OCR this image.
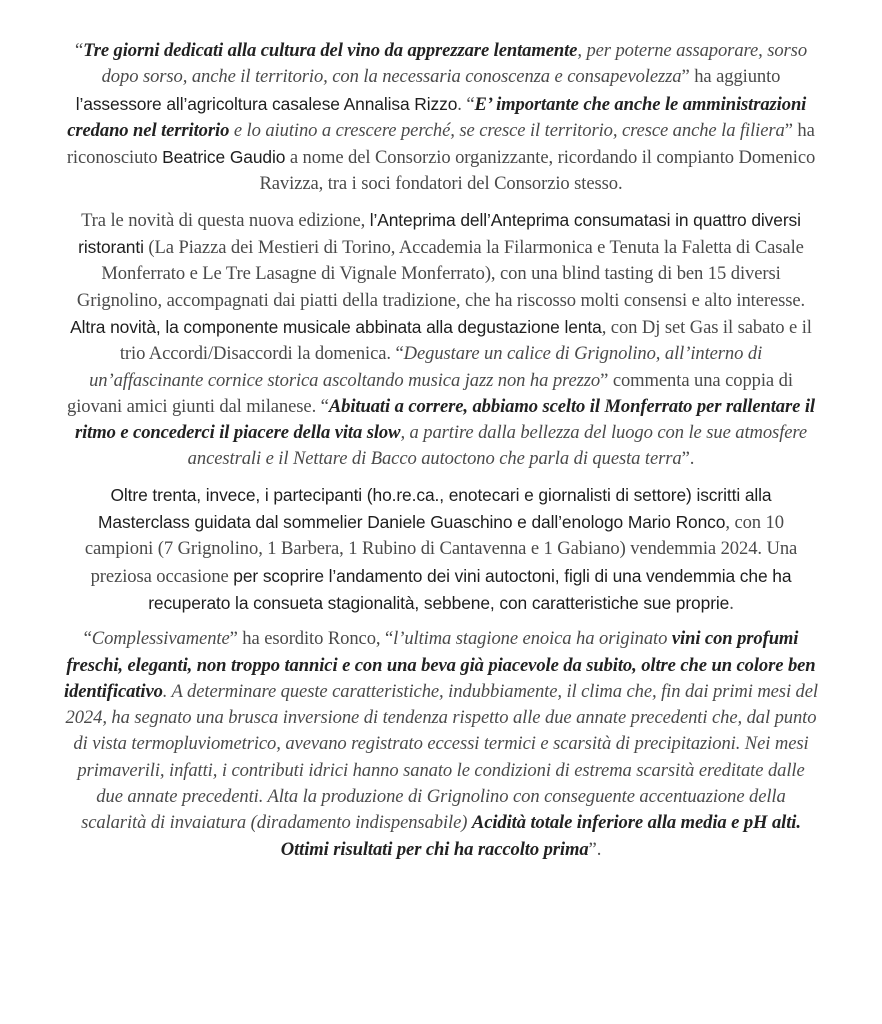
“Tre giorni dedicati alla cultura del vino da apprezzare lentamente, per poterne assaporare, sorso dopo sorso, anche il territorio, con la necessaria conoscenza e consapevolezza” ha aggiunto l’assessore all’agricoltura casalese Annalisa Rizzo. “E’ importante che anche le amministrazioni credano nel territorio e lo aiutino a crescere perché, se cresce il territorio, cresce anche la filiera” ha riconosciuto Beatrice Gaudio a nome del Consorzio organizzante, ricordando il compianto Domenico Ravizza, tra i soci fondatori del Consorzio stesso.

Tra le novità di questa nuova edizione, l’Anteprima dell’Anteprima consumatasi in quattro diversi ristoranti (La Piazza dei Mestieri di Torino, Accademia la Filarmonica e Tenuta la Faletta di Casale Monferrato e Le Tre Lasagne di Vignale Monferrato), con una blind tasting di ben 15 diversi Grignolino, accompagnati dai piatti della tradizione, che ha riscosso molti consensi e alto interesse. Altra novità, la componente musicale abbinata alla degustazione lenta, con Dj set Gas il sabato e il trio Accordi/Disaccordi la domenica. “Degustare un calice di Grignolino, all’interno di un’affascinante cornice storica ascoltando musica jazz non ha prezzo” commenta una coppia di giovani amici giunti dal milanese. “Abituati a correre, abbiamo scelto il Monferrato per rallentare il ritmo e concederci il piacere della vita slow, a partire dalla bellezza del luogo con le sue atmosfere ancestrali e il Nettare di Bacco autoctono che parla di questa terra”.

Oltre trenta, invece, i partecipanti (ho.re.ca., enotecari e giornalisti di settore) iscritti alla Masterclass guidata dal sommelier Daniele Guaschino e dall’enologo Mario Ronco, con 10 campioni (7 Grignolino, 1 Barbera, 1 Rubino di Cantavenna e 1 Gabiano) vendemmia 2024. Una preziosa occasione per scoprire l’andamento dei vini autoctoni, figli di una vendemmia che ha recuperato la consueta stagionalità, sebbene, con caratteristiche sue proprie.

“Complessivamente” ha esordito Ronco, “l’ultima stagione enoica ha originato vini con profumi freschi, eleganti, non troppo tannici e con una beva già piacevole da subito, oltre che un colore ben identificativo. A determinare queste caratteristiche, indubbiamente, il clima che, fin dai primi mesi del 2024, ha segnato una brusca inversione di tendenza rispetto alle due annate precedenti che, dal punto di vista termopluviometrico, avevano registrato eccessi termici e scarsità di precipitazioni. Nei mesi primaverili, infatti, i contributi idrici hanno sanato le condizioni di estrema scarsità ereditate dalle due annate precedenti. Alta la produzione di Grignolino con conseguente accentuazione della scalarità di invaiatura (diradamento indispensabile) Acidità totale inferiore alla media e pH alti. Ottimi risultati per chi ha raccolto prima”.
